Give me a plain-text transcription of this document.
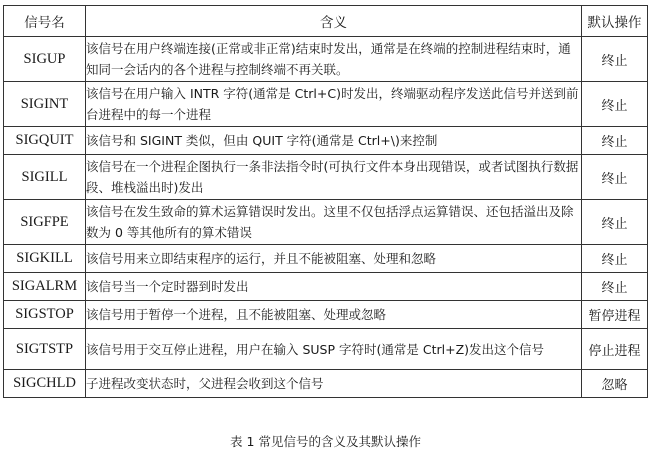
信号名	含义	默认操作
SIGUP	该信号在用户终端连接(正常或非正常)结束时发出，通常是在终端的控制进程结束时，通知同一会话内的各个进程与控制终端不再关联。	终止
SIGINT	该信号在用户输入 INTR 字符(通常是 Ctrl+C)时发出，终端驱动程序发送此信号并送到前台进程中的每一个进程	终止
SIGQUIT	该信号和 SIGINT 类似，但由 QUIT 字符(通常是 Ctrl+\)来控制	终止
SIGILL	该信号在一个进程企图执行一条非法指令时(可执行文件本身出现错误，或者试图执行数据段、堆栈溢出时)发出	终止
SIGFPE	该信号在发生致命的算术运算错误时发出。这里不仅包括浮点运算错误、还包括溢出及除数为 0 等其他所有的算术错误	终止
SIGKILL	该信号用来立即结束程序的运行，并且不能被阻塞、处理和忽略	终止
SIGALRM	该信号当一个定时器到时发出	终止
SIGSTOP	该信号用于暂停一个进程，且不能被阻塞、处理或忽略	暂停进程
SIGTSTP	该信号用于交互停止进程，用户在输入 SUSP 字符时(通常是 Ctrl+Z)发出这个信号	停止进程
SIGCHLD	子进程改变状态时，父进程会收到这个信号	忽略
表 1 常见信号的含义及其默认操作
